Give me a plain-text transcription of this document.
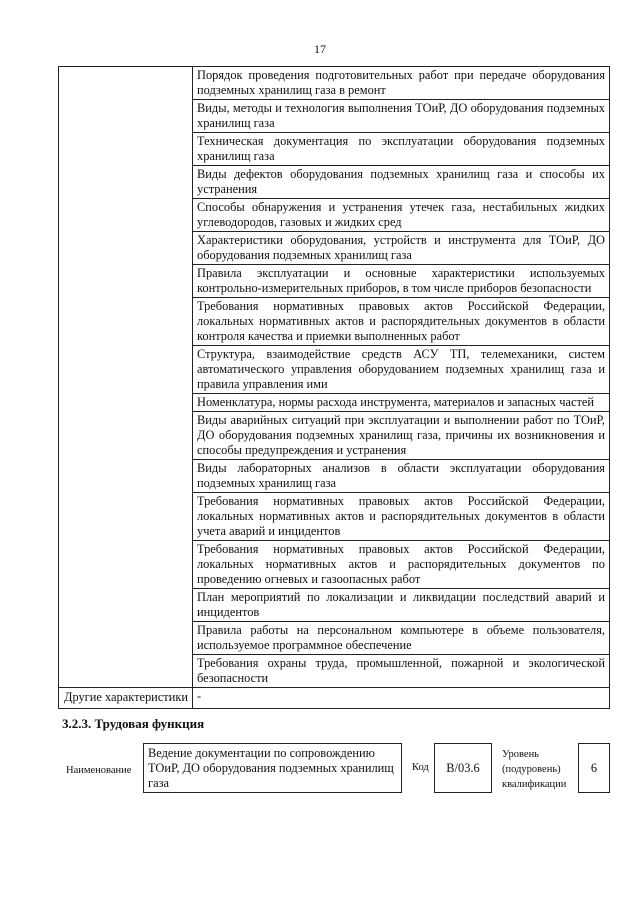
17
	Порядок проведения подготовительных работ при передаче оборудования подземных хранилищ газа в ремонт
	Виды, методы и технология выполнения ТОиР, ДО оборудования подземных хранилищ газа
	Техническая документация по эксплуатации оборудования подземных хранилищ газа
	Виды дефектов оборудования подземных хранилищ газа и способы их устранения
	Способы обнаружения и устранения утечек газа, нестабильных жидких углеводородов, газовых и жидких сред
	Характеристики оборудования, устройств и инструмента для ТОиР, ДО оборудования подземных хранилищ газа
	Правила эксплуатации и основные характеристики используемых контрольно-измерительных приборов, в том числе приборов безопасности
	Требования нормативных правовых актов Российской Федерации, локальных нормативных актов и распорядительных документов в области контроля качества и приемки выполненных работ
	Структура, взаимодействие средств АСУ ТП, телемеханики, систем автоматического управления оборудованием подземных хранилищ газа и правила управления ими
	Номенклатура, нормы расхода инструмента, материалов и запасных частей
	Виды аварийных ситуаций при эксплуатации и выполнении работ по ТОиР, ДО оборудования подземных хранилищ газа, причины их возникновения и способы предупреждения и устранения
	Виды лабораторных анализов в области эксплуатации оборудования подземных хранилищ газа
	Требования нормативных правовых актов Российской Федерации, локальных нормативных актов и распорядительных документов в области учета аварий и инцидентов
	Требования нормативных правовых актов Российской Федерации, локальных нормативных актов и распорядительных документов по проведению огневых и газоопасных работ
	План мероприятий по локализации и ликвидации последствий аварий и инцидентов
	Правила работы на персональном компьютере в объеме пользователя, используемое программное обеспечение
	Требования охраны труда, промышленной, пожарной и экологической безопасности
Другие характеристики	-
3.2.3. Трудовая функция
Наименование
Ведение документации по сопровождению ТОиР, ДО оборудования подземных хранилищ газа
Код	B/03.6
Уровень (подуровень) квалификации
6
